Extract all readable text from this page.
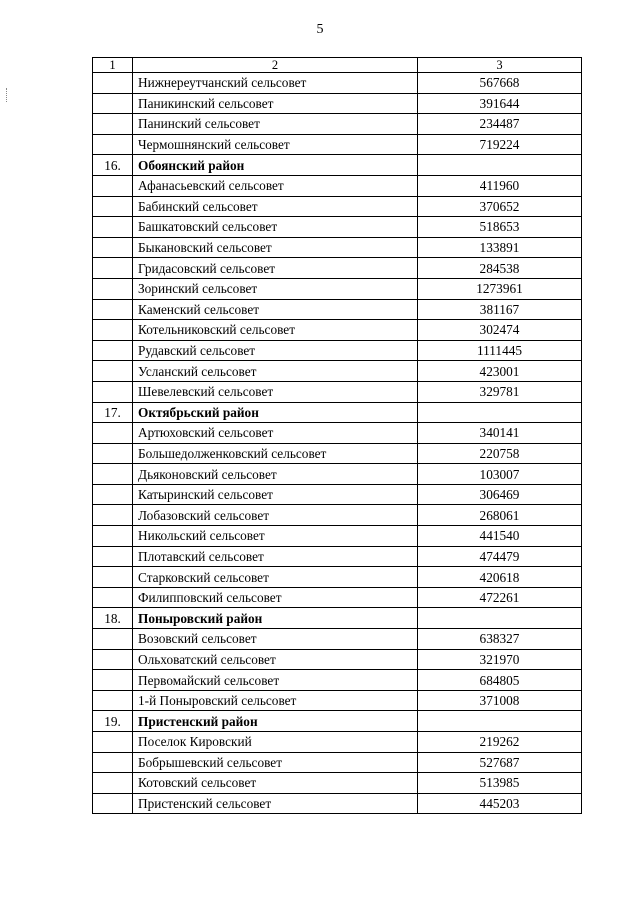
5
1	2	3
	Нижнереутчанский сельсовет	567668
	Паникинский сельсовет	391644
	Панинский сельсовет	234487
	Чермошнянский сельсовет	719224
16.	Обоянский район	
	Афанасьевский сельсовет	411960
	Бабинский сельсовет	370652
	Башкатовский сельсовет	518653
	Быкановский сельсовет	133891
	Гридасовский сельсовет	284538
	Зоринский сельсовет	1273961
	Каменский сельсовет	381167
	Котельниковский сельсовет	302474
	Рудавский сельсовет	1111445
	Усланский сельсовет	423001
	Шевелевский сельсовет	329781
17.	Октябрьский район	
	Артюховский сельсовет	340141
	Большедолженковский сельсовет	220758
	Дьяконовский сельсовет	103007
	Катыринский сельсовет	306469
	Лобазовский сельсовет	268061
	Никольский сельсовет	441540
	Плотавский сельсовет	474479
	Старковский сельсовет	420618
	Филипповский сельсовет	472261
18.	Поныровский район	
	Возовский сельсовет	638327
	Ольховатский сельсовет	321970
	Первомайский сельсовет	684805
	1-й Поныровский сельсовет	371008
19.	Пристенский район	
	Поселок Кировский	219262
	Бобрышевский сельсовет	527687
	Котовский сельсовет	513985
	Пристенский сельсовет	445203
